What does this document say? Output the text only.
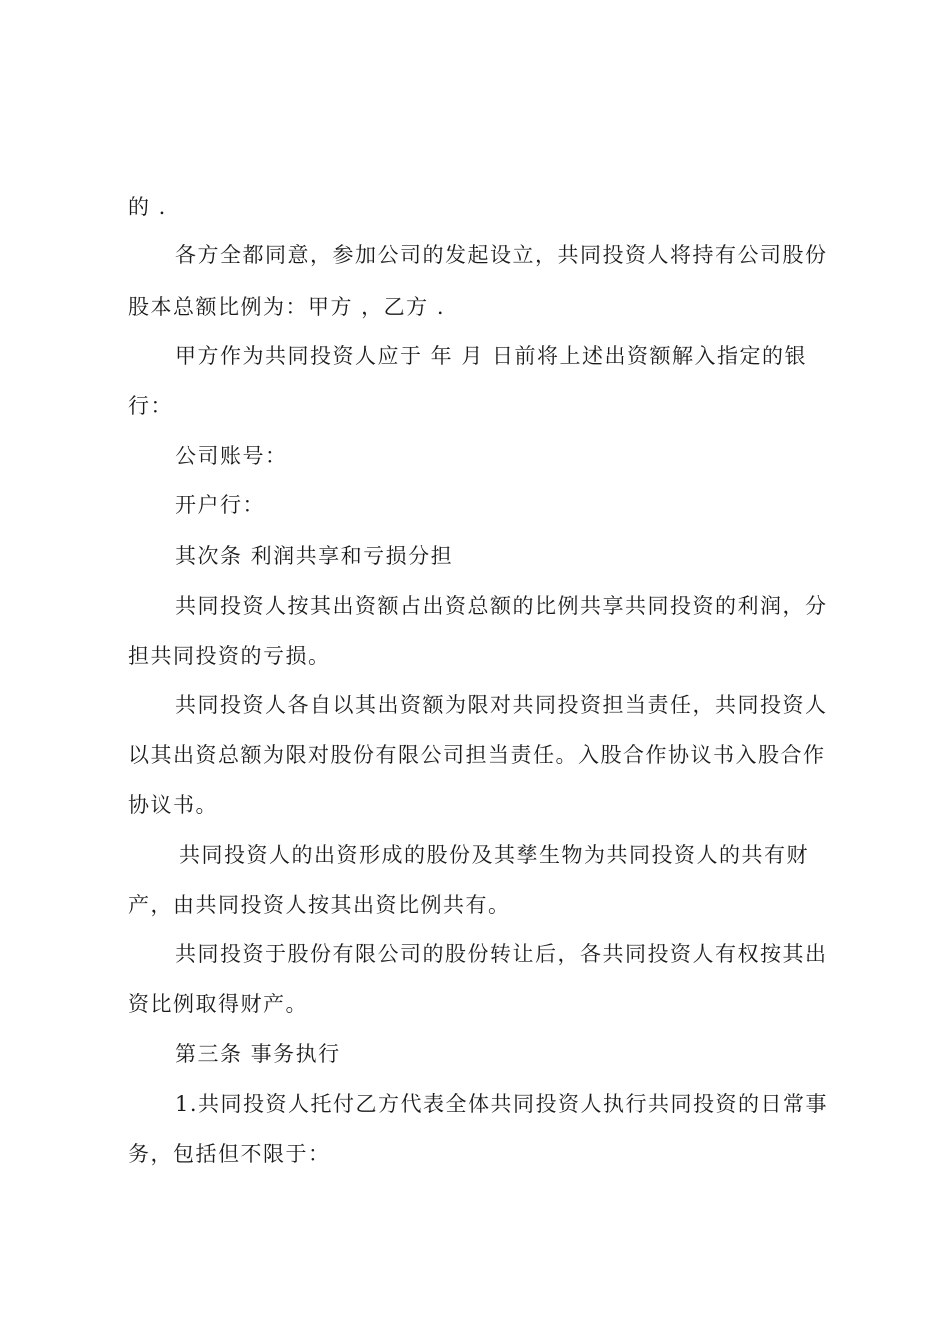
的 .
各方全都同意，参加公司的发起设立，共同投资人将持有公司股份
股本总额比例为：甲方 ，乙方 .
甲方作为共同投资人应于 年 月 日前将上述出资额解入指定的银
行：
公司账号：
开户行：
其次条 利润共享和亏损分担
共同投资人按其出资额占出资总额的比例共享共同投资的利润，分
担共同投资的亏损。
共同投资人各自以其出资额为限对共同投资担当责任，共同投资人
以其出资总额为限对股份有限公司担当责任。入股合作协议书入股合作
协议书。
共同投资人的出资形成的股份及其孳生物为共同投资人的共有财
产，由共同投资人按其出资比例共有。
共同投资于股份有限公司的股份转让后，各共同投资人有权按其出
资比例取得财产。
第三条 事务执行
1.共同投资人托付乙方代表全体共同投资人执行共同投资的日常事
务，包括但不限于：
